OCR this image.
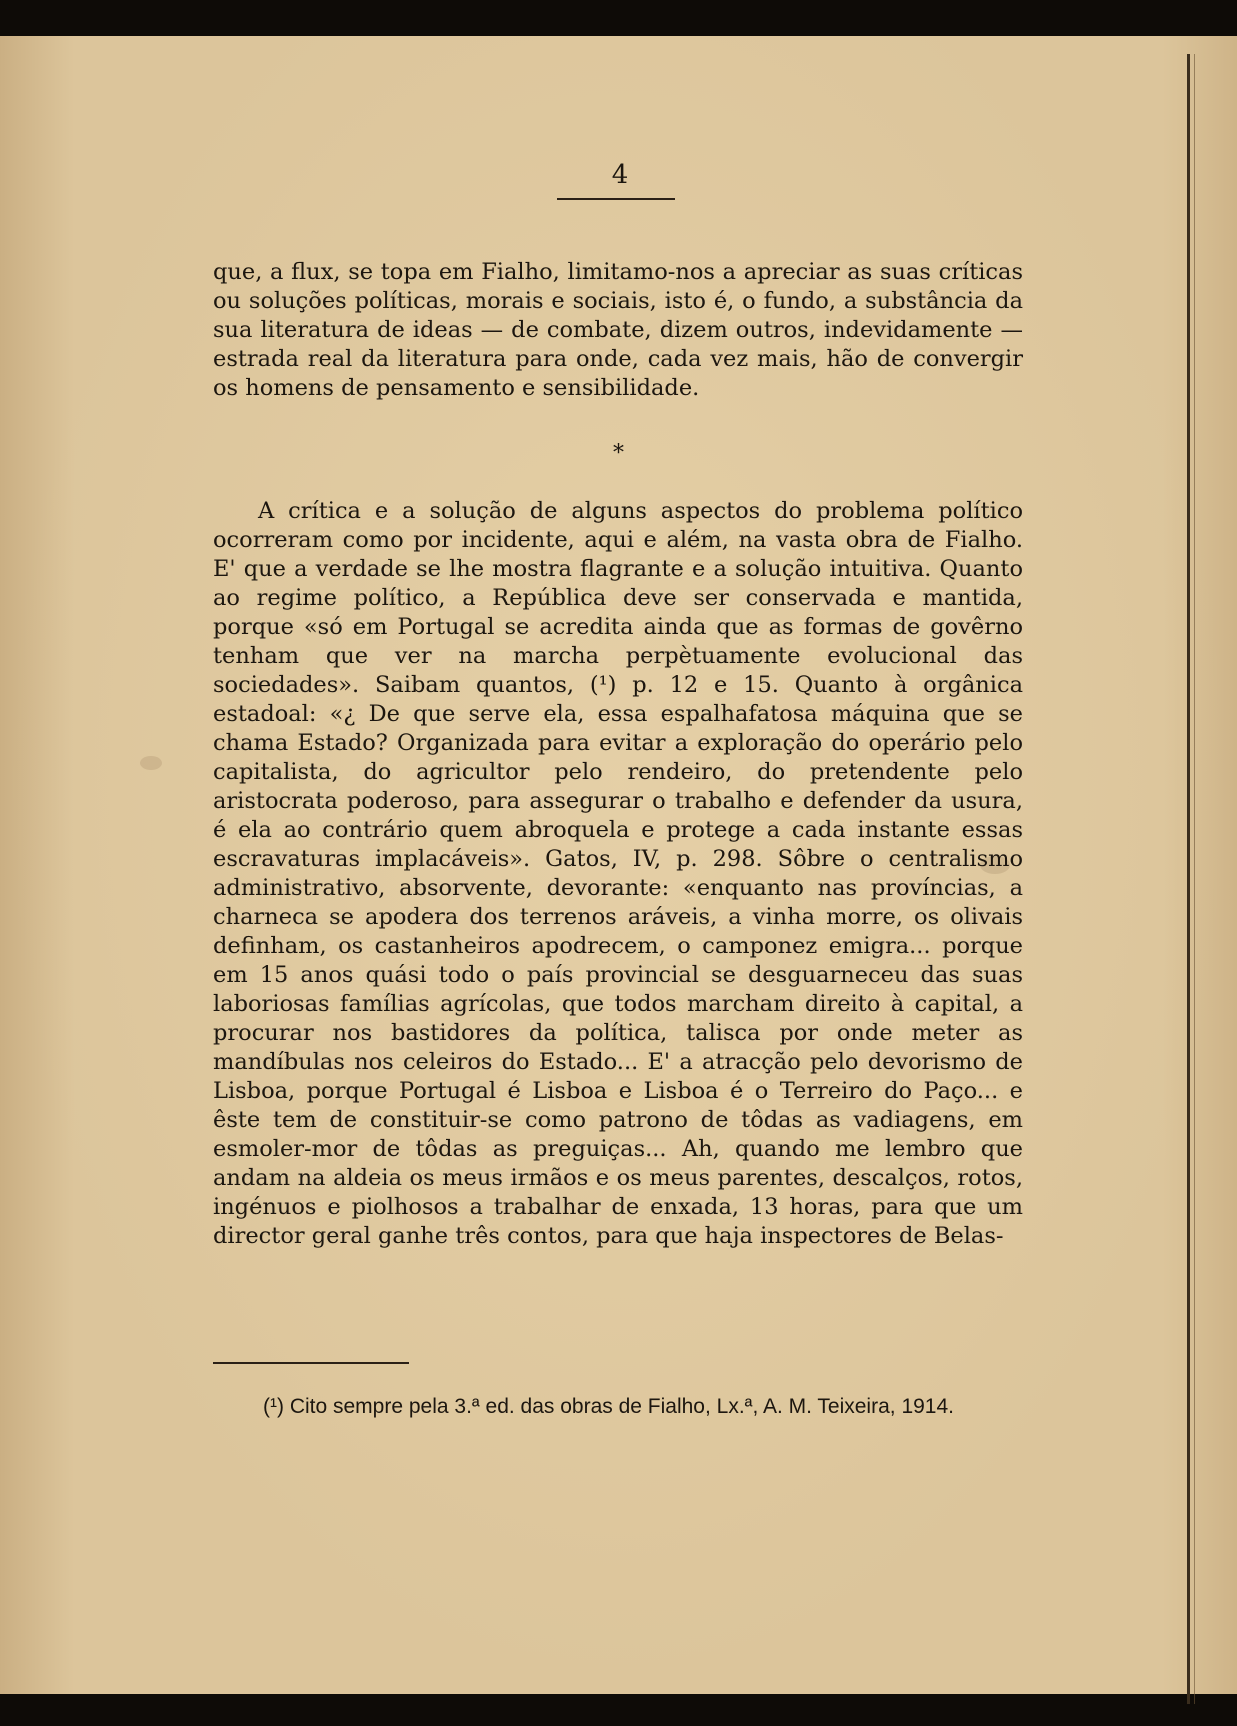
4
que, a flux, se topa em Fialho, limitamo-nos a apreciar as suas críticas ou soluções políticas, morais e sociais, isto é, o fundo, a substância da sua literatura de ideas — de combate, dizem outros, indevidamente — estrada real da literatura para onde, cada vez mais, hão de convergir os homens de pensamento e sensibilidade.
*
A crítica e a solução de alguns aspectos do problema político ocorreram como por incidente, aqui e além, na vasta obra de Fialho. E' que a verdade se lhe mostra flagrante e a solução intuitiva. Quanto ao regime político, a República deve ser conservada e mantida, porque «só em Portugal se acredita ainda que as formas de govêrno tenham que ver na marcha perpètuamente evolucional das sociedades». Saibam quantos, (¹) p. 12 e 15. Quanto à orgânica estadoal: «¿ De que serve ela, essa espalhafatosa máquina que se chama Estado? Organizada para evitar a exploração do operário pelo capitalista, do agricultor pelo rendeiro, do pretendente pelo aristocrata poderoso, para assegurar o trabalho e defender da usura, é ela ao contrário quem abroquela e protege a cada instante essas escravaturas implacáveis». Gatos, IV, p. 298. Sôbre o centralismo administrativo, absorvente, devorante: «enquanto nas províncias, a charneca se apodera dos terrenos aráveis, a vinha morre, os olivais definham, os castanheiros apodrecem, o camponez emigra... porque em 15 anos quási todo o país provincial se desguarneceu das suas laboriosas famílias agrícolas, que todos marcham direito à capital, a procurar nos bastidores da política, talisca por onde meter as mandíbulas nos celeiros do Estado... E' a atracção pelo devorismo de Lisboa, porque Portugal é Lisboa e Lisboa é o Terreiro do Paço... e êste tem de constituir-se como patrono de tôdas as vadiagens, em esmoler-mor de tôdas as preguiças... Ah, quando me lembro que andam na aldeia os meus irmãos e os meus parentes, descalços, rotos, ingénuos e piolhosos a trabalhar de enxada, 13 horas, para que um director geral ganhe três contos, para que haja inspectores de Belas-
(¹) Cito sempre pela 3.ª ed. das obras de Fialho, Lx.ª, A. M. Teixeira, 1914.
